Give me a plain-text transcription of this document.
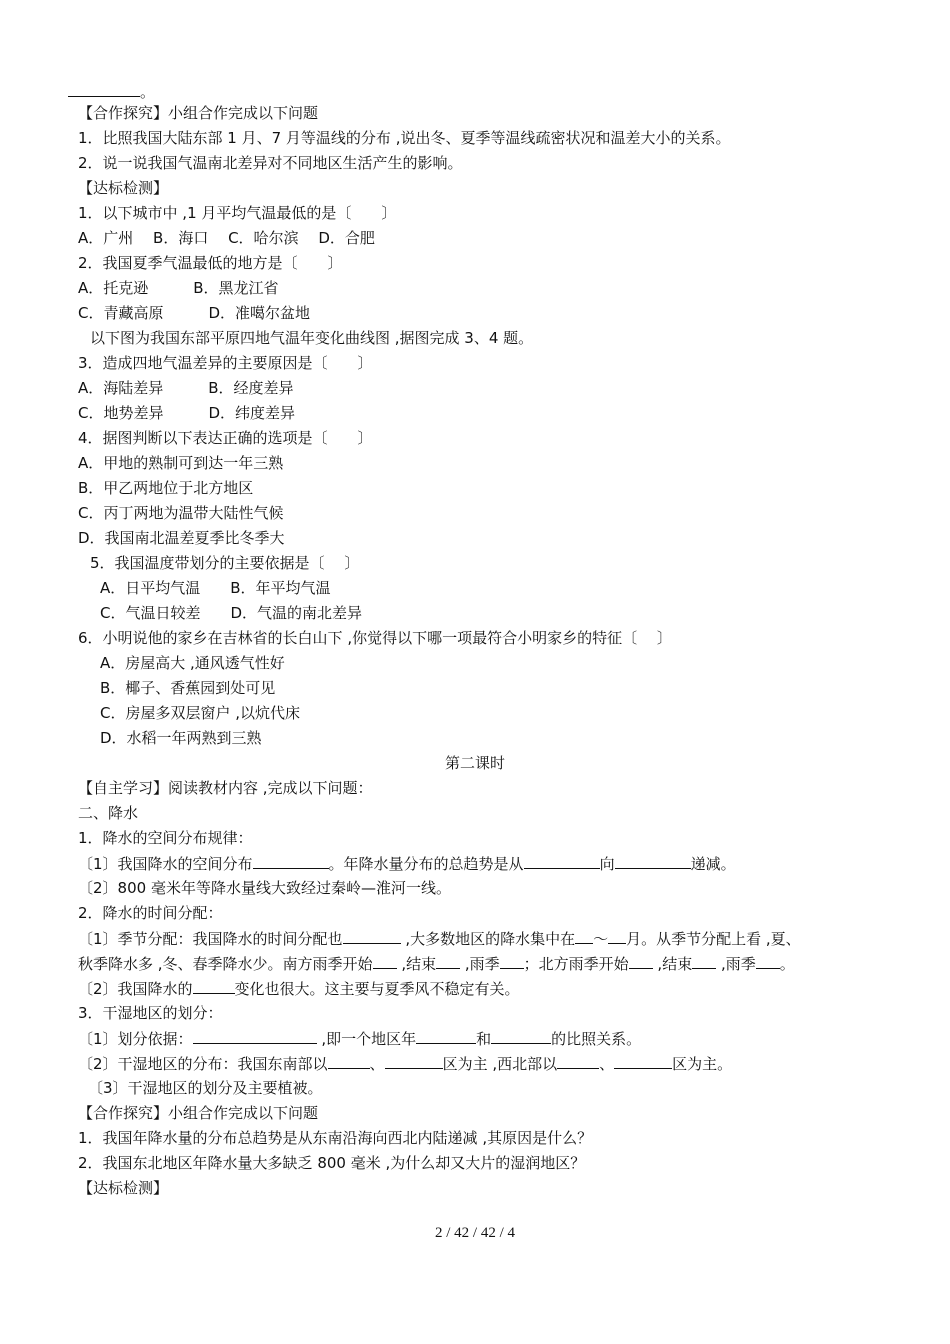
。
【合作探究】小组合作完成以下问题
1．比照我国大陆东部 1 月、7 月等温线的分布 ,说出冬、夏季等温线疏密状况和温差大小的关系。
2．说一说我国气温南北差异对不同地区生活产生的影响。
【达标检测】
1．以下城市中 ,1 月平均气温最低的是〔　　〕
A．广州　 B．海口　 C．哈尔滨　 D．合肥
2．我国夏季气温最低的地方是〔　　〕
A．托克逊　　　B．黑龙江省
C．青藏高原　　　D．准噶尔盆地
以下图为我国东部平原四地气温年变化曲线图 ,据图完成 3、4 题。
3．造成四地气温差异的主要原因是〔　　〕
A．海陆差异　　　B．经度差异
C．地势差异　　　D．纬度差异
4．据图判断以下表达正确的选项是〔　　〕
A．甲地的熟制可到达一年三熟
B．甲乙两地位于北方地区
C．丙丁两地为温带大陆性气候
D．我国南北温差夏季比冬季大
5．我国温度带划分的主要依据是〔　 〕
A．日平均气温　　B．年平均气温
C．气温日较差　　D．气温的南北差异
6．小明说他的家乡在吉林省的长白山下 ,你觉得以下哪一项最符合小明家乡的特征〔　 〕
A．房屋高大 ,通风透气性好
B．椰子、香蕉园到处可见
C．房屋多双层窗户 ,以炕代床
D．水稻一年两熟到三熟
第二课时
【自主学习】阅读教材内容 ,完成以下问题：
二、降水
1．降水的空间分布规律：
〔1〕我国降水的空间分布	。年降水量分布的总趋势是从	向	递减。
〔2〕800 毫米年等降水量线大致经过秦岭—淮河一线。
2．降水的时间分配：
〔1〕季节分配：我国降水的时间分配也	,大多数地区的降水集中在 ～ 月。从季节分配上看 ,夏、
秋季降水多 ,冬、春季降水少。南方雨季开始 ,结束 ,雨季 ；北方雨季开始 ,结束 ,雨季 。
〔2〕我国降水的	变化也很大。这主要与夏季风不稳定有关。
3．干湿地区的划分：
〔1〕划分依据：	,即一个地区年	和	的比照关系。
〔2〕干湿地区的分布：我国东南部以	、	区为主 ,西北部以	、	区为主。
〔3〕干湿地区的划分及主要植被。
【合作探究】小组合作完成以下问题
1．我国年降水量的分布总趋势是从东南沿海向西北内陆递减 ,其原因是什么？
2．我国东北地区年降水量大多缺乏 800 毫米 ,为什么却又大片的湿润地区？
【达标检测】
2 / 42 / 42 / 4
